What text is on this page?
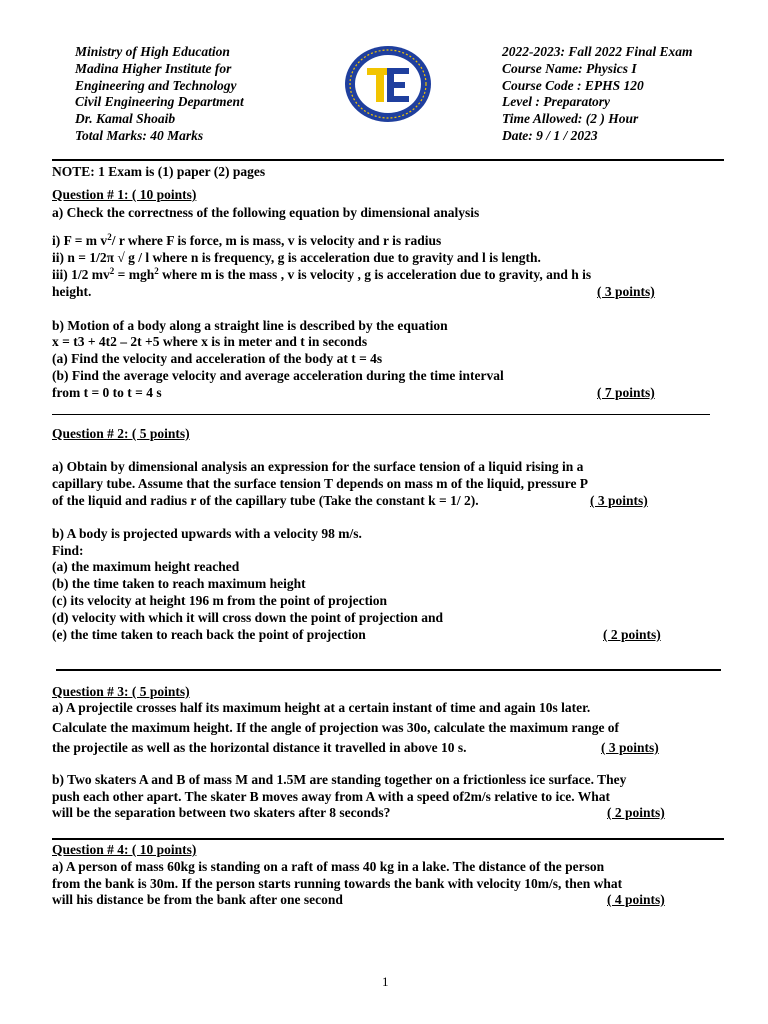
Ministry of High Education
Madina Higher Institute for
Engineering and Technology
Civil Engineering Department
Dr. Kamal Shoaib
Total Marks: 40 Marks
2022-2023: Fall 2022 Final Exam
Course Name: Physics I
Course Code : EPHS 120
Level : Preparatory
Time Allowed: (2 ) Hour
Date: 9 / 1 / 2023
NOTE: 1 Exam is (1) paper (2) pages
Question # 1: ( 10 points)
a) Check the correctness of the following equation by dimensional analysis
i) F = m $v^2/$ r where F is force, m is mass, v is velocity and r is radius
ii) n = 1/2π √ g / l where n is frequency, g is acceleration due to gravity and l is length.
iii) 1/2 $mv^2 = mgh^2$ where m is the mass , v is velocity , g is acceleration due to gravity, and h is
height.	( 3 points)
b) Motion of a body along a straight line is described by the equation
x = t3 + 4t2 – 2t +5 where x is in meter and t in seconds
(a) Find the velocity and acceleration of the body at t = 4s
(b) Find the average velocity and average acceleration during the time interval
from t = 0 to t = 4 s	( 7 points)
Question # 2: ( 5 points)
a) Obtain by dimensional analysis an expression for the surface tension of a liquid rising in a
capillary tube. Assume that the surface tension T depends on mass m of the liquid, pressure P
of the liquid and radius r of the capillary tube (Take the constant k = 1/ 2).	( 3 points)
b) A body is projected upwards with a velocity 98 m/s.
Find:
(a) the maximum height reached
(b) the time taken to reach maximum height
(c) its velocity at height 196 m from the point of projection
(d) velocity with which it will cross down the point of projection and
(e) the time taken to reach back the point of projection	( 2 points)
Question # 3: ( 5 points)
a) A projectile crosses half its maximum height at a certain instant of time and again 10s later.
Calculate the maximum height. If the angle of projection was 30o, calculate the maximum range of
the projectile as well as the horizontal distance it travelled in above 10 s.	( 3 points)
b) Two skaters A and B of mass M and 1.5M are standing together on a frictionless ice surface. They
push each other apart. The skater B moves away from A with a speed of2m/s relative to ice. What
will be the separation between two skaters after 8 seconds?	( 2 points)
Question # 4: ( 10 points)
a) A person of mass 60kg is standing on a raft of mass 40 kg in a lake. The distance of the person
from the bank is 30m. If the person starts running towards the bank with velocity 10m/s, then what
will his distance be from the bank after one second	( 4 points)
1
